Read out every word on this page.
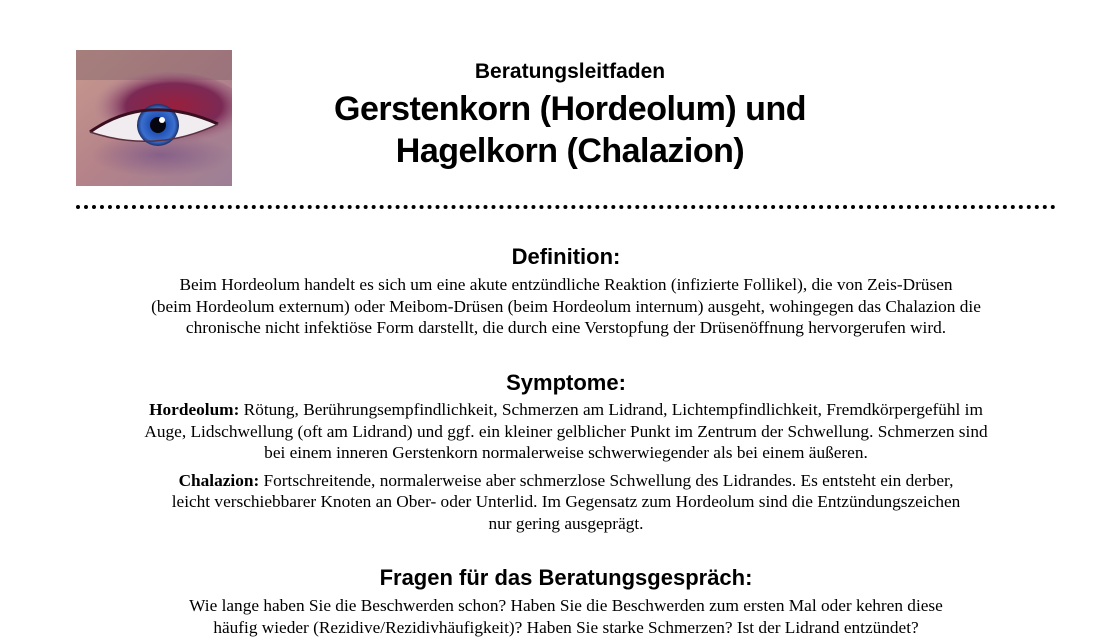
Beratungsleitfaden

Gerstenkorn (Hordeolum) und
Hagelkorn (Chalazion)
Definition:

Beim Hordeolum handelt es sich um eine akute entzündliche Reaktion (infizierte Follikel), die von Zeis-Drüsen
(beim Hordeolum externum) oder Meibom-Drüsen (beim Hordeolum internum) ausgeht, wohingegen das Chalazion die
chronische nicht infektiöse Form darstellt, die durch eine Verstopfung der Drüsenöffnung hervorgerufen wird.

Symptome:

Hordeolum: Rötung, Berührungsempfindlichkeit, Schmerzen am Lidrand, Lichtempfindlichkeit, Fremdkörpergefühl im
Auge, Lidschwellung (oft am Lidrand) und ggf. ein kleiner gelblicher Punkt im Zentrum der Schwellung. Schmerzen sind
bei einem inneren Gerstenkorn normalerweise schwerwiegender als bei einem äußeren.

Chalazion: Fortschreitende, normalerweise aber schmerzlose Schwellung des Lidrandes. Es entsteht ein derber,
leicht verschiebbarer Knoten an Ober- oder Unterlid. Im Gegensatz zum Hordeolum sind die Entzündungszeichen
nur gering ausgeprägt.

Fragen für das Beratungsgespräch:

Wie lange haben Sie die Beschwerden schon? Haben Sie die Beschwerden zum ersten Mal oder kehren diese
häufig wieder (Rezidive/Rezidivhäufigkeit)? Haben Sie starke Schmerzen? Ist der Lidrand entzündet?
